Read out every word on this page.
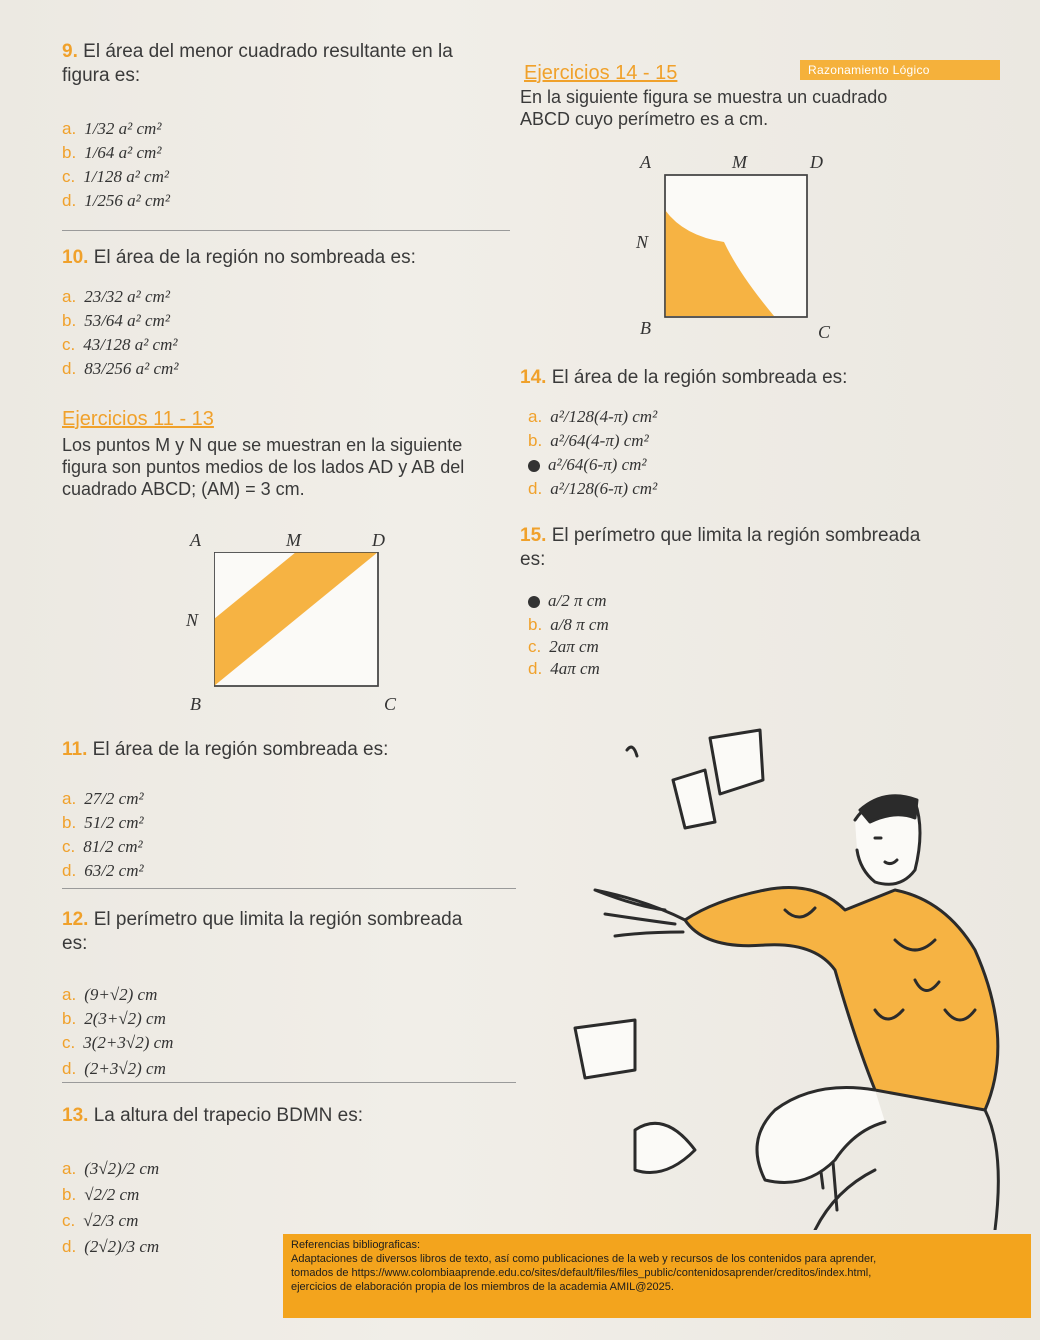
9. El área del menor cuadrado resultante en la
figura es:
a. 1/32 a² cm²
b. 1/64 a² cm²
c. 1/128 a² cm²
d. 1/256 a² cm²
10. El área de la región no sombreada es:
a. 23/32 a² cm²
b. 53/64 a² cm²
c. 43/128 a² cm²
d. 83/256 a² cm²
Ejercicios 11 - 13
Los puntos M y N que se muestran en la siguiente
figura son puntos medios de los lados AD y AB del
cuadrado ABCD; (AM) = 3 cm.
A	M	D
N
B	C
11. El área de la región sombreada es:
a. 27/2 cm²
b. 51/2 cm²
c. 81/2 cm²
d. 63/2 cm²
12. El perímetro que limita la región sombreada
es:
a. (9+√2) cm
b. 2(3+√2) cm
c. 3(2+3√2) cm
d. (2+3√2) cm
13. La altura del trapecio BDMN es:
a. (3√2)/2 cm
b. √2/2 cm
c. √2/3 cm
d. (2√2)/3 cm
Razonamiento Lógico
Ejercicios 14 - 15
En la siguiente figura se muestra un cuadrado
ABCD cuyo perímetro es a cm.
A	M	D
N
B	C
14. El área de la región sombreada es:
a. a²/128(4-π) cm²
b. a²/64(4-π) cm²
a²/64(6-π) cm²
d. a²/128(6-π) cm²
15. El perímetro que limita la región sombreada
es:
a/2 π cm
b. a/8 π cm
c. 2aπ cm
d. 4aπ cm
Referencias bibliograficas:
Adaptaciones de diversos libros de texto, así como publicaciones de la web y recursos de los contenidos para aprender,
tomados de https://www.colombiaaprende.edu.co/sites/default/files/files_public/contenidosaprender/creditos/index.html,
ejercicios de elaboración propia de los miembros de la academia AMIL@2025.
